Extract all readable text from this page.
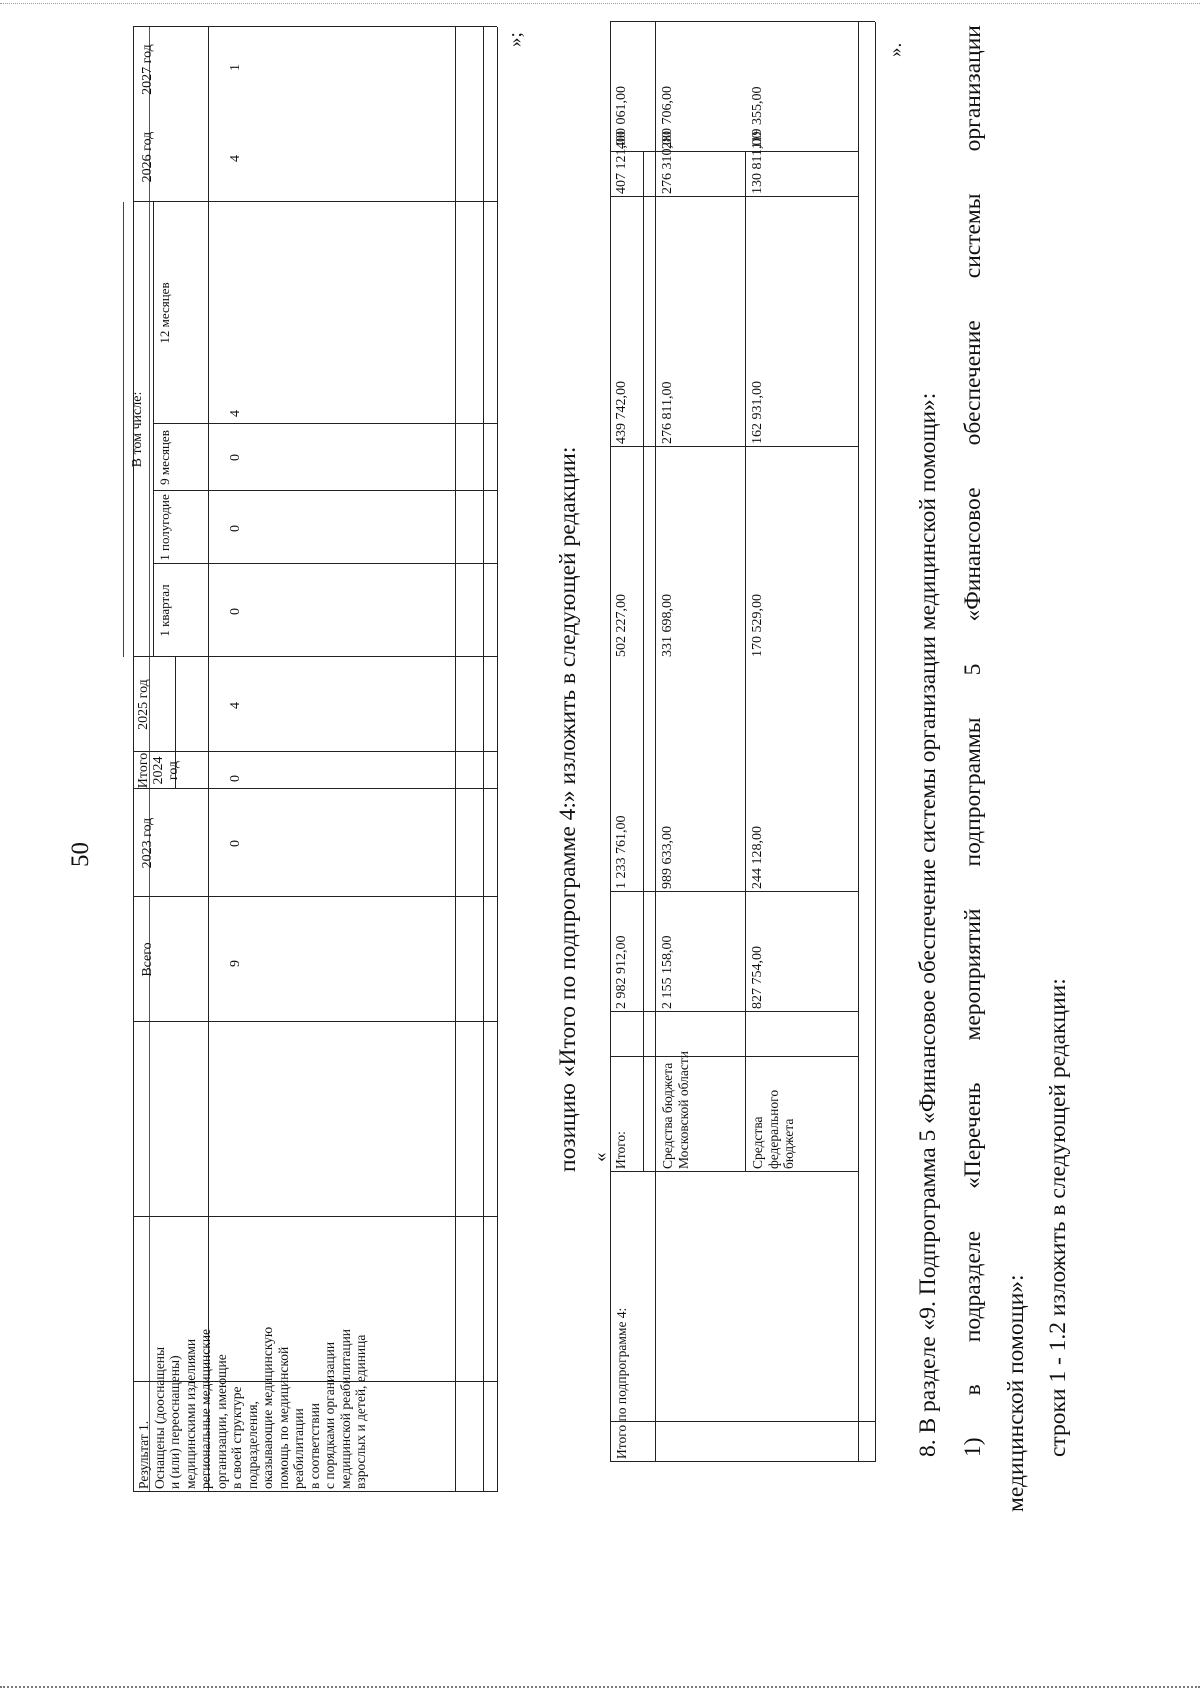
50
Результат 1. Оснащены (дооснащены и (или) переоснащены) медицинскими изделиями региональные медицинские организации, имеющие в своей структуре подразделения, оказывающие медицинскую помощь по медицинской реабилитации в соответствии с порядками организации медицинской реабилитации взрослых и детей, единица
Всего
2023 год
Итого 2024 год
2025 год
В том числе:
1 квартал
1 полугодие
9 месяцев
12 месяцев
2026 год
2027 год
9
0
0
4
0
0
0
4
4
1
»;
позицию «Итого по подпрограмме 4:» изложить в следующей редакции: «
Итого по подпрограмме 4:
Итого:
2 982 912,00
1 233 761,00
502 227,00
439 742,00
407 121,00
400 061,00
Средства бюджета Московской области
2 155 158,00
989 633,00
331 698,00
276 811,00
276 310,00
280 706,00
Средства федерального бюджета
827 754,00
244 128,00
170 529,00
162 931,00
130 811,00
119 355,00
».
8. В разделе «9. Подпрограмма 5 «Финансовое обеспечение системы организации медицинской помощи»: 1)
в
подразделе
«Перечень
мероприятий
подпрограммы
5
«Финансовое
обеспечение
системы
организации
медицинской помощи»: строки 1 - 1.2 изложить в следующей редакции:
